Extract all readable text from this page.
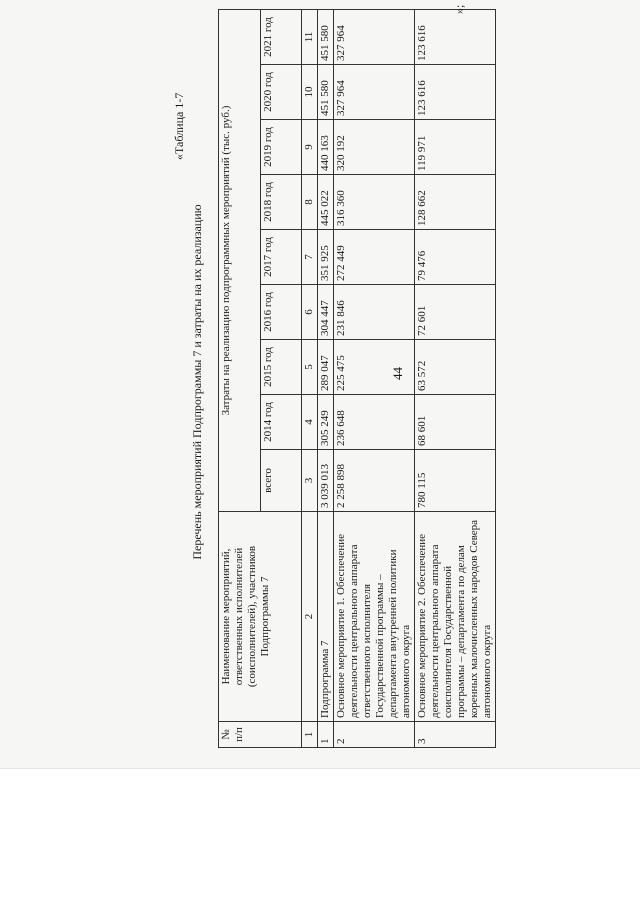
44
«Таблица 1-7
Перечень мероприятий Подпрограммы 7 и затраты на их реализацию
№ п/п	Наименование мероприятий, ответственных исполнителей (соисполнителей), участников Подпрограммы 7	Затраты на реализацию подпрограммных мероприятий (тыс. руб.)								
		всего	2014 год	2015 год	2016 год	2017 год	2018 год	2019 год	2020 год	2021 год
1	2	3	4	5	6	7	8	9	10	11
1	Подпрограмма 7	3 039 013	305 249	289 047	304 447	351 925	445 022	440 163	451 580	451 580
2	Основное мероприятие 1. Обеспечение деятельности центрального аппарата ответственного исполнителя Государственной программы – департамента внутренней политики автономного округа	2 258 898	236 648	225 475	231 846	272 449	316 360	320 192	327 964	327 964
3	Основное мероприятие 2. Обеспечение деятельности центрального аппарата соисполнителя Государственной программы – департамента по делам коренных малочисленных народов Севера автономного округа	780 115	68 601	63 572	72 601	79 476	128 662	119 971	123 616	123 616
»;
